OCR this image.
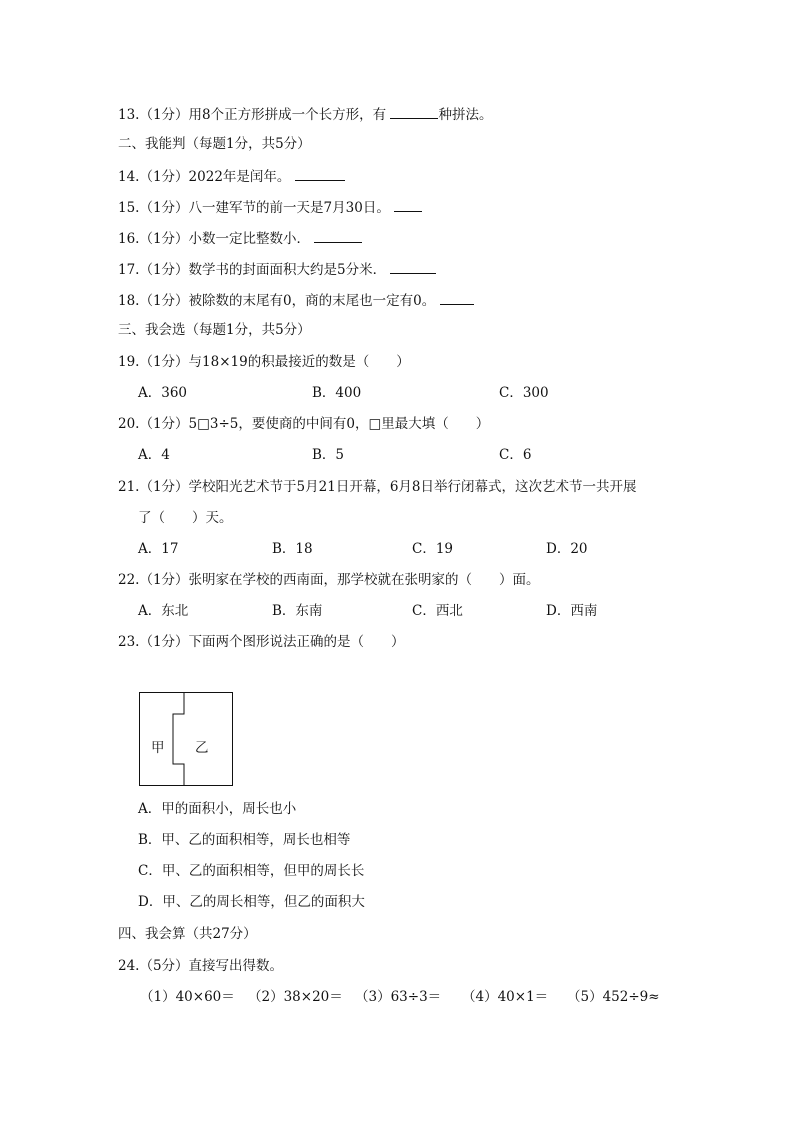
13.（1分）用8个正方形拼成一个长方形，有	种拼法。
二、我能判（每题1分，共5分）
14.（1分）2022年是闰年。
15.（1分）八一建军节的前一天是7月30日。
16.（1分）小数一定比整数小．
17.（1分）数学书的封面面积大约是5分米．
18.（1分）被除数的末尾有0，商的末尾也一定有0。
三、我会选（每题1分，共5分）
19.（1分）与18×19的积最接近的数是（　　）
A．360	B．400	C．300
20.（1分）5□3÷5，要使商的中间有0，□里最大填（　　）
A．4	B．5	C．6
21.（1分）学校阳光艺术节于5月21日开幕，6月8日举行闭幕式，这次艺术节一共开展
了（　　）天。
A．17	B．18	C．19	D．20
22.（1分）张明家在学校的西南面，那学校就在张明家的（　　）面。
A．东北	B．东南	C．西北	D．西南
23.（1分）下面两个图形说法正确的是（　　）
甲 乙
A．甲的面积小，周长也小
B．甲、乙的面积相等，周长也相等
C．甲、乙的面积相等，但甲的周长长
D．甲、乙的周长相等，但乙的面积大
四、我会算（共27分）
24.（5分）直接写出得数。
（1）40×60＝ （2）38×20＝ （3）63÷3＝ （4）40×1＝ （5）452÷9≈
